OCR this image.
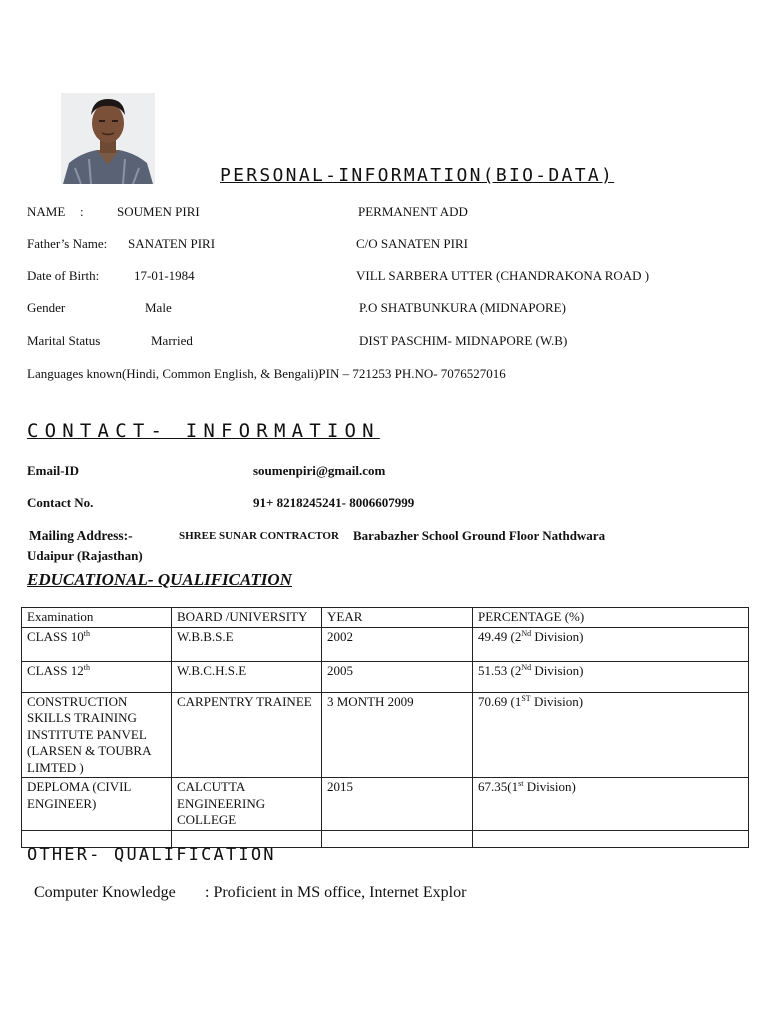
PERSONAL-INFORMATION(BIO-DATA)
NAME :	SOUMEN PIRI
Father’s Name: SANATEN PIRI
Date of Birth:	17-01-1984
Gender	Male
Marital Status	Married
Languages known(Hindi, Common English, & Bengali)PIN – 721253 PH.NO- 7076527016
PERMANENT ADD
C/O SANATEN PIRI
VILL SARBERA UTTER (CHANDRAKONA ROAD )
P.O SHATBUNKURA (MIDNAPORE)
DIST PASCHIM- MIDNAPORE (W.B)
CONTACT- INFORMATION
Email-ID	soumenpiri@gmail.com
Contact No.	91+ 8218245241- 8006607999
Mailing Address:-	SHREE SUNAR CONTRACTOR Barabazher School Ground Floor Nathdwara
Udaipur (Rajasthan)
EDUCATIONAL- QUALIFICATION
Examination	BOARD /UNIVERSITY	YEAR	PERCENTAGE (%)
CLASS 10th	W.B.B.S.E	2002	49.49 (2Nd Division)
CLASS 12th	W.B.C.H.S.E	2005	51.53 (2Nd Division)
CONSTRUCTION SKILLS TRAINING INSTITUTE PANVEL (LARSEN & TOUBRA LIMTED )	CARPENTRY TRAINEE	3 MONTH 2009	70.69 (1ST Division)
DEPLOMA (CIVIL ENGINEER)	CALCUTTA ENGINEERING COLLEGE	2015	67.35(1st Division)

OTHER- QUALIFICATION
Computer Knowledge : Proficient in MS office, Internet Explor
